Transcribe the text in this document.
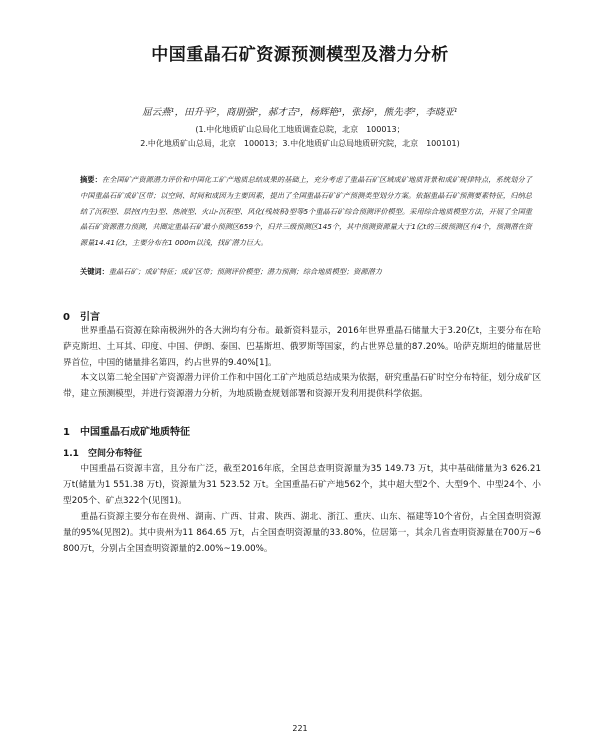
中国重晶石矿资源预测模型及潜力分析
屈云燕¹，田升平²，商朋强²，郝才吉³，杨辉艳³，张扬³，熊先孝²，李晓亚¹
(1.中化地质矿山总局化工地质调查总院，北京　100013；
2.中化地质矿山总局，北京　100013；3.中化地质矿山总局地质研究院，北京　100101)
摘要：在全国矿产资源潜力评价和中国化工矿产地质总结成果的基础上，充分考虑了重晶石矿区域成矿地质背景和成矿规律特点，系统划分了中国重晶石矿成矿区带；以空间、时间和成因为主要因素，提出了全国重晶石矿矿产预测类型划分方案。依据重晶石矿预测要素特征，归纳总结了沉积型、层控(内生)型、热液型、火山-沉积型、风化(残坡积)型等5个重晶石矿综合预测评价模型。采用综合地质模型方法，开展了全国重晶石矿资源潜力预测，共圈定重晶石矿最小预测区659个，归并三级预测区145个，其中预测资源量大于1亿t的三级预测区有4个，预测潜在资源量14.41亿t，主要分布在1 000m以浅，找矿潜力巨大。
关键词：重晶石矿；成矿特征；成矿区带；预测评价模型；潜力预测；综合地质模型；资源潜力
0　引言
世界重晶石资源在除南极洲外的各大洲均有分布。最新资料显示，2016年世界重晶石储量大于3.20亿t，主要分布在哈萨克斯坦、土耳其、印度、中国、伊朗、泰国、巴基斯坦、俄罗斯等国家，约占世界总量的87.20%。哈萨克斯坦的储量居世界首位，中国的储量排名第四，约占世界的9.40%[1]。
本文以第二轮全国矿产资源潜力评价工作和中国化工矿产地质总结成果为依据，研究重晶石矿时空分布特征，划分成矿区带，建立预测模型，并进行资源潜力分析，为地质勘查规划部署和资源开发利用提供科学依据。
1　中国重晶石成矿地质特征
1.1　空间分布特征
中国重晶石资源丰富，且分布广泛，截至2016年底，全国总查明资源量为35 149.73 万t，其中基础储量为3 626.21 万t(储量为1 551.38 万t)，资源量为31 523.52 万t。全国重晶石矿产地562个，其中超大型2个、大型9个、中型24个、小型205个、矿点322个(见图1)。
重晶石资源主要分布在贵州、湖南、广西、甘肃、陕西、湖北、浙江、重庆、山东、福建等10个省份，占全国查明资源量的95%(见图2)。其中贵州为11 864.65 万t，占全国查明资源量的33.80%，位居第一，其余几省查明资源量在700万~6 800万t，分别占全国查明资源量的2.00%~19.00%。
221
